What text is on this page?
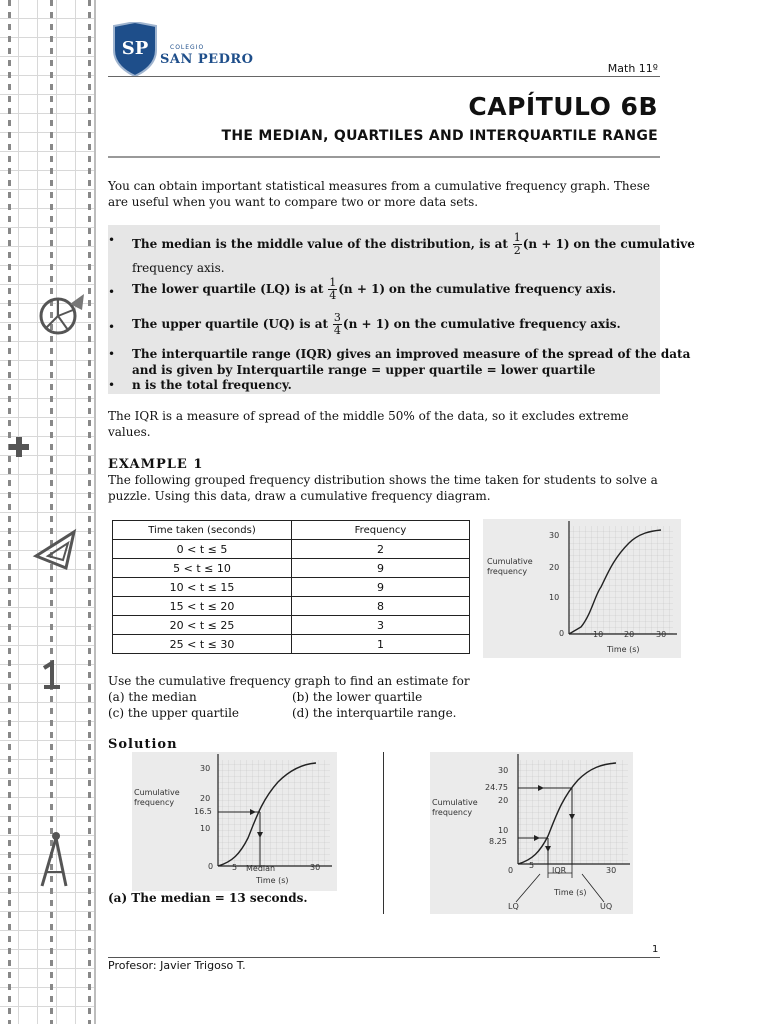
SP	COLEGIO
SAN PEDRO
Math 11º
CAPÍTULO 6B
THE MEDIAN, QUARTILES AND INTERQUARTILE RANGE
You can obtain important statistical measures from a cumulative frequency graph. These are useful when you want to compare two or more data sets.
• The median is the middle value of the distribution, is at $\frac{1}{2} (n + 1)$ on the cumulative
frequency axis.
• The lower quartile (LQ) is at $\frac{1}{4} (n + 1)$ on the cumulative frequency axis.
• The upper quartile (UQ) is at $\frac{3}{4} (n + 1)$ on the cumulative frequency axis.
• The interquartile range (IQR) gives an improved measure of the spread of the data
and is given by Interquartile range = upper quartile = lower quartile
• n is the total frequency.
The IQR is a measure of spread of the middle 50% of the data, so it excludes extreme values.
EXAMPLE 1
The following grouped frequency distribution shows the time taken for students to solve a puzzle. Using this data, draw a cumulative frequency diagram.
Time taken (seconds)	Frequency
0 < t ≤ 5	2
5 < t ≤ 10	9
10 < t ≤ 15	9
15 < t ≤ 20	8
20 < t ≤ 25	3
25 < t ≤ 30	1
Cumulative frequency
30
20
10
0	10	20	30
Time (s)
Use the cumulative frequency graph to find an estimate for
(a) the median	(b) the lower quartile
(c) the upper quartile	(d) the interquartile range.
Solution
Cumulative frequency
30
20
16.5
10
0 5	30
Median
Time (s)
Cumulative frequency
30
24.75
20
10
8.25
0
5
30
IQR
Time (s)
LQ	UQ
(a) The median = 13 seconds.
1
Profesor: Javier Trigoso T.
